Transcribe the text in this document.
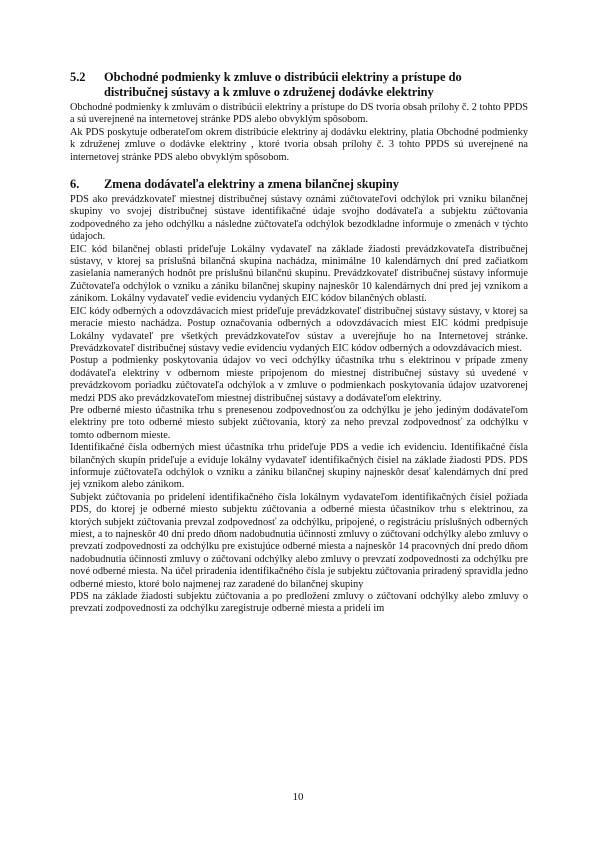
5.2	Obchodné podmienky k zmluve o distribúcii elektriny a prístupe do distribučnej sústavy a k zmluve o združenej dodávke elektriny

Obchodné podmienky k zmluvám o distribúcii elektriny a prístupe do DS tvoria obsah prílohy č. 2 tohto PPDS a sú uverejnené na internetovej stránke PDS alebo obvyklým spôsobom.

Ak PDS poskytuje odberateľom okrem distribúcie elektriny aj dodávku elektriny, platia Obchodné podmienky k združenej zmluve o dodávke elektriny , ktoré tvoria obsah prílohy č. 3 tohto PPDS sú uverejnené na internetovej stránke PDS alebo obvyklým spôsobom.

6.	Zmena dodávateľa elektriny a zmena bilančnej skupiny

PDS ako prevádzkovateľ miestnej distribučnej sústavy oznámi zúčtovateľovi odchýlok pri vzniku bilančnej skupiny vo svojej distribučnej sústave identifikačné údaje svojho dodávateľa a subjektu zúčtovania zodpovedného za jeho odchýlku a následne zúčtovateľa odchýlok bezodkladne informuje o zmenách v týchto údajoch.

EIC kód bilančnej oblasti prideľuje Lokálny vydavateľ na základe žiadosti prevádzkovateľa distribučnej sústavy, v ktorej sa príslušná bilančná skupina nachádza, minimálne 10 kalendárnych dní pred začiatkom zasielania nameraných hodnôt pre príslušnú bilančnú skupinu. Prevádzkovateľ distribučnej sústavy informuje Zúčtovateľa odchýlok o vzniku a zániku bilančnej skupiny najneskôr 10 kalendárnych dní pred jej vznikom a zánikom. Lokálny vydavateľ vedie evidenciu vydaných EIC kódov bilančných oblastí.

EIC kódy odberných a odovzdávacích miest prideľuje prevádzkovateľ distribučnej sústavy sústavy, v ktorej sa meracie miesto nachádza. Postup označovania odberných a odovzdávacích miest EIC kódmi predpisuje Lokálny vydavateľ pre všetkých prevádzkovateľov sústav a uverejňuje ho na Internetovej stránke. Prevádzkovateľ distribučnej sústavy vedie evidenciu vydaných EIC kódov odberných a odovzdávacích miest.

Postup a podmienky poskytovania údajov vo veci odchýlky účastníka trhu s elektrinou v prípade zmeny dodávateľa elektriny v odbernom mieste pripojenom do miestnej distribučnej sústavy sú uvedené v prevádzkovom poriadku zúčtovateľa odchýlok a v zmluve o podmienkach poskytovania údajov uzatvorenej medzi PDS ako prevádzkovateľom miestnej distribučnej sústavy a dodávateľom elektriny.

Pre odberné miesto účastníka trhu s prenesenou zodpovednosťou za odchýlku je jeho jediným dodávateľom elektriny pre toto odberné miesto subjekt zúčtovania, ktorý za neho prevzal zodpovednosť za odchýlku v tomto odbernom mieste.

Identifikačné čísla odberných miest účastníka trhu prideľuje PDS a vedie ich evidenciu. Identifikačné čísla bilančných skupín prideľuje a eviduje lokálny vydavateľ identifikačných čísiel na základe žiadosti PDS. PDS informuje zúčtovateľa odchýlok o vzniku a zániku bilančnej skupiny najneskôr desať kalendárnych dní pred jej vznikom alebo zánikom.

Subjekt zúčtovania po pridelení identifikačného čísla lokálnym vydavateľom identifikačných čísiel požiada PDS, do ktorej je odberné miesto subjektu zúčtovania a odberné miesta účastníkov trhu s elektrinou, za ktorých subjekt zúčtovania prevzal zodpovednosť za odchýlku, pripojené, o registráciu príslušných odberných miest, a to najneskôr 40 dní predo dňom nadobudnutia účinnosti zmluvy o zúčtovaní odchýlky alebo zmluvy o prevzatí zodpovednosti za odchýlku pre existujúce odberné miesta a najneskôr 14 pracovných dní predo dňom nadobudnutia účinnosti zmluvy o zúčtovaní odchýlky alebo zmluvy o prevzatí zodpovednosti za odchýlku pre nové odberné miesta. Na účel priradenia identifikačného čísla je subjektu zúčtovania priradený spravidla jedno odberné miesto, ktoré bolo najmenej raz zaradené do bilančnej skupiny

PDS na základe žiadosti subjektu zúčtovania a po predložení zmluvy o zúčtovaní odchýlky alebo zmluvy o prevzatí zodpovednosti za odchýlku zaregistruje odberné miesta a pridelí im

10
